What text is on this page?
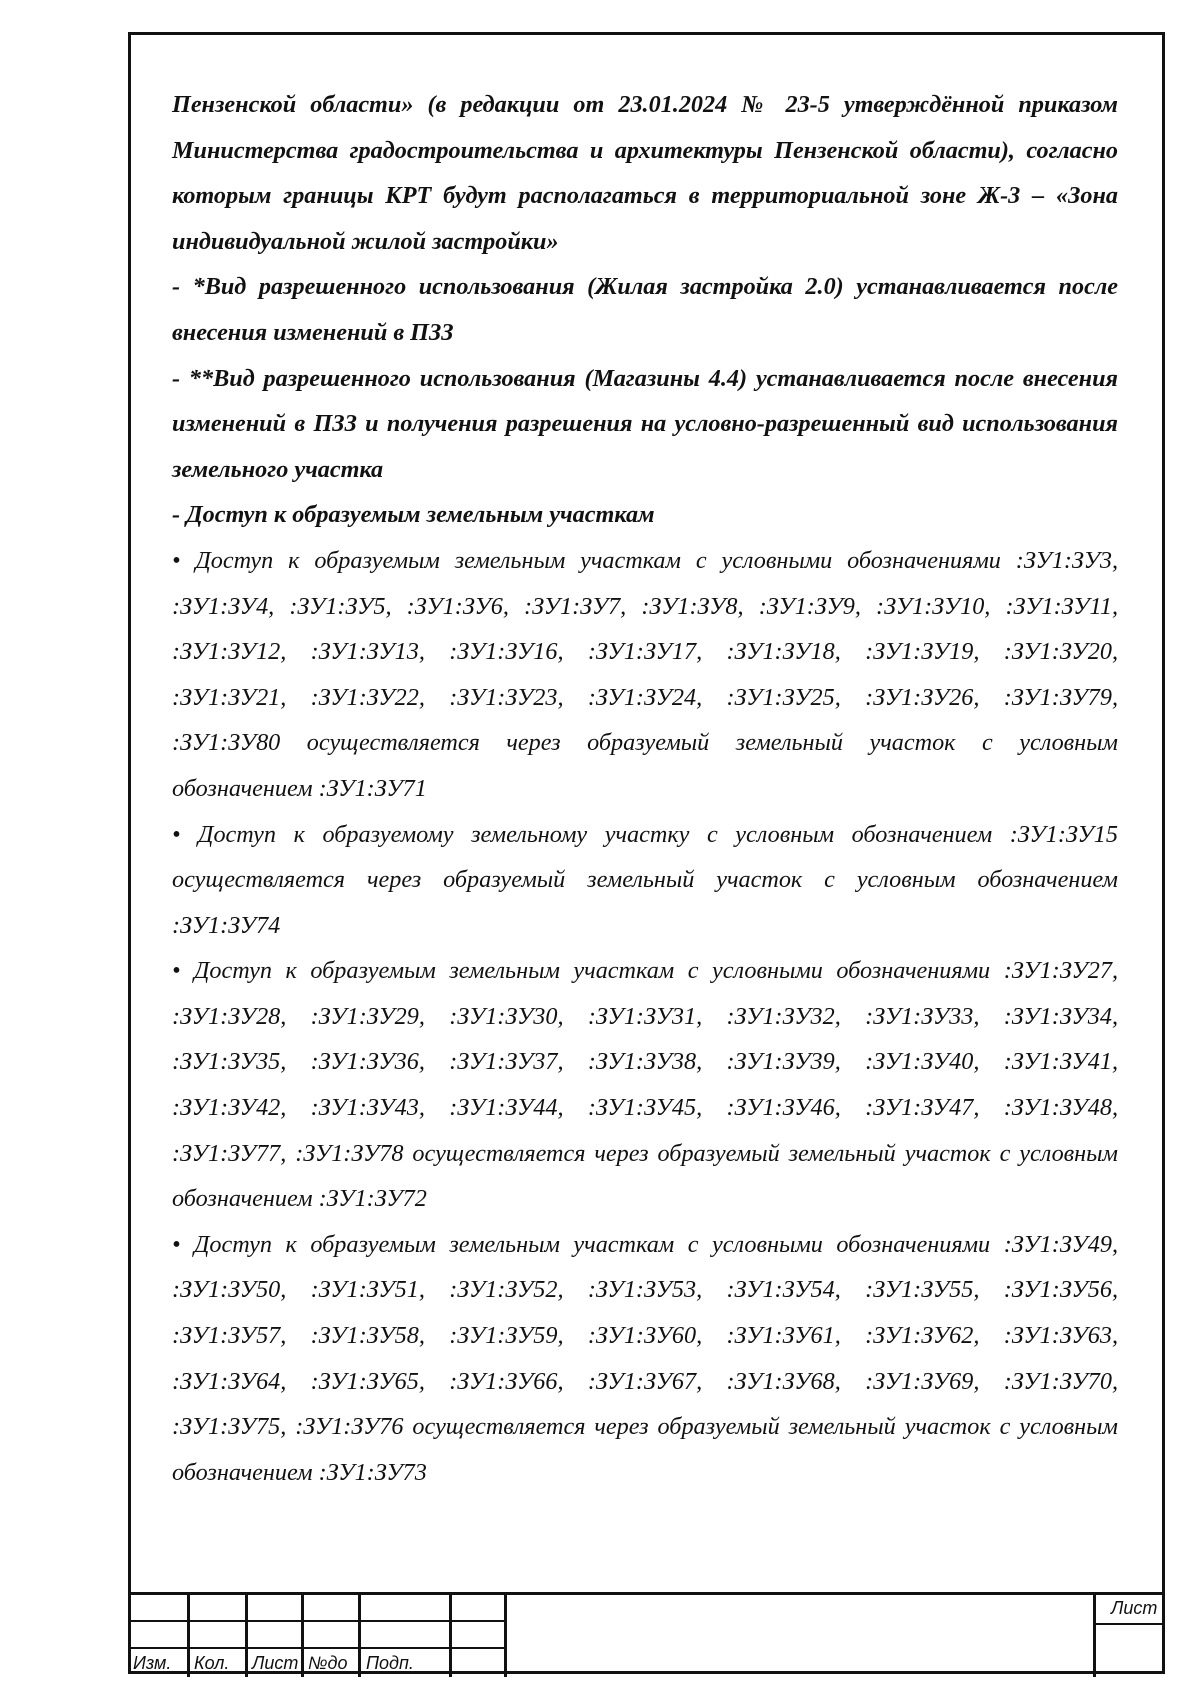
Пензенской области» (в редакции от 23.01.2024 № 23-5 утверждённой приказом Министерства градостроительства и архитектуры Пензенской области), согласно которым границы КРТ будут располагаться в территориальной зоне Ж-3 – «Зона индивидуальной жилой застройки»

- *Вид разрешенного использования (Жилая застройка 2.0) устанавливается после внесения изменений в ПЗЗ

- **Вид разрешенного использования (Магазины 4.4) устанавливается после внесения изменений в ПЗЗ и получения разрешения на условно-разрешенный вид использования земельного участка

- Доступ к образуемым земельным участкам

• Доступ к образуемым земельным участкам с условными обозначениями :ЗУ1:ЗУ3, :ЗУ1:ЗУ4, :ЗУ1:ЗУ5, :ЗУ1:ЗУ6, :ЗУ1:ЗУ7, :ЗУ1:ЗУ8, :ЗУ1:ЗУ9, :ЗУ1:ЗУ10, :ЗУ1:ЗУ11, :ЗУ1:ЗУ12, :ЗУ1:ЗУ13, :ЗУ1:ЗУ16, :ЗУ1:ЗУ17, :ЗУ1:ЗУ18, :ЗУ1:ЗУ19, :ЗУ1:ЗУ20, :ЗУ1:ЗУ21, :ЗУ1:ЗУ22, :ЗУ1:ЗУ23, :ЗУ1:ЗУ24, :ЗУ1:ЗУ25, :ЗУ1:ЗУ26, :ЗУ1:ЗУ79, :ЗУ1:ЗУ80 осуществляется через образуемый земельный участок с условным обозначением :ЗУ1:ЗУ71

• Доступ к образуемому земельному участку с условным обозначением :ЗУ1:ЗУ15 осуществляется через образуемый земельный участок с условным обозначением :ЗУ1:ЗУ74

• Доступ к образуемым земельным участкам с условными обозначениями :ЗУ1:ЗУ27, :ЗУ1:ЗУ28, :ЗУ1:ЗУ29, :ЗУ1:ЗУ30, :ЗУ1:ЗУ31, :ЗУ1:ЗУ32, :ЗУ1:ЗУ33, :ЗУ1:ЗУ34, :ЗУ1:ЗУ35, :ЗУ1:ЗУ36, :ЗУ1:ЗУ37, :ЗУ1:ЗУ38, :ЗУ1:ЗУ39, :ЗУ1:ЗУ40, :ЗУ1:ЗУ41, :ЗУ1:ЗУ42, :ЗУ1:ЗУ43, :ЗУ1:ЗУ44, :ЗУ1:ЗУ45, :ЗУ1:ЗУ46, :ЗУ1:ЗУ47, :ЗУ1:ЗУ48, :ЗУ1:ЗУ77, :ЗУ1:ЗУ78 осуществляется через образуемый земельный участок с условным обозначением :ЗУ1:ЗУ72

• Доступ к образуемым земельным участкам с условными обозначениями :ЗУ1:ЗУ49, :ЗУ1:ЗУ50, :ЗУ1:ЗУ51, :ЗУ1:ЗУ52, :ЗУ1:ЗУ53, :ЗУ1:ЗУ54, :ЗУ1:ЗУ55, :ЗУ1:ЗУ56, :ЗУ1:ЗУ57, :ЗУ1:ЗУ58, :ЗУ1:ЗУ59, :ЗУ1:ЗУ60, :ЗУ1:ЗУ61, :ЗУ1:ЗУ62, :ЗУ1:ЗУ63, :ЗУ1:ЗУ64, :ЗУ1:ЗУ65, :ЗУ1:ЗУ66, :ЗУ1:ЗУ67, :ЗУ1:ЗУ68, :ЗУ1:ЗУ69, :ЗУ1:ЗУ70, :ЗУ1:ЗУ75, :ЗУ1:ЗУ76 осуществляется через образуемый земельный участок с условным обозначением :ЗУ1:ЗУ73

Изм. Кол. Лист №до Подп.
Лист
